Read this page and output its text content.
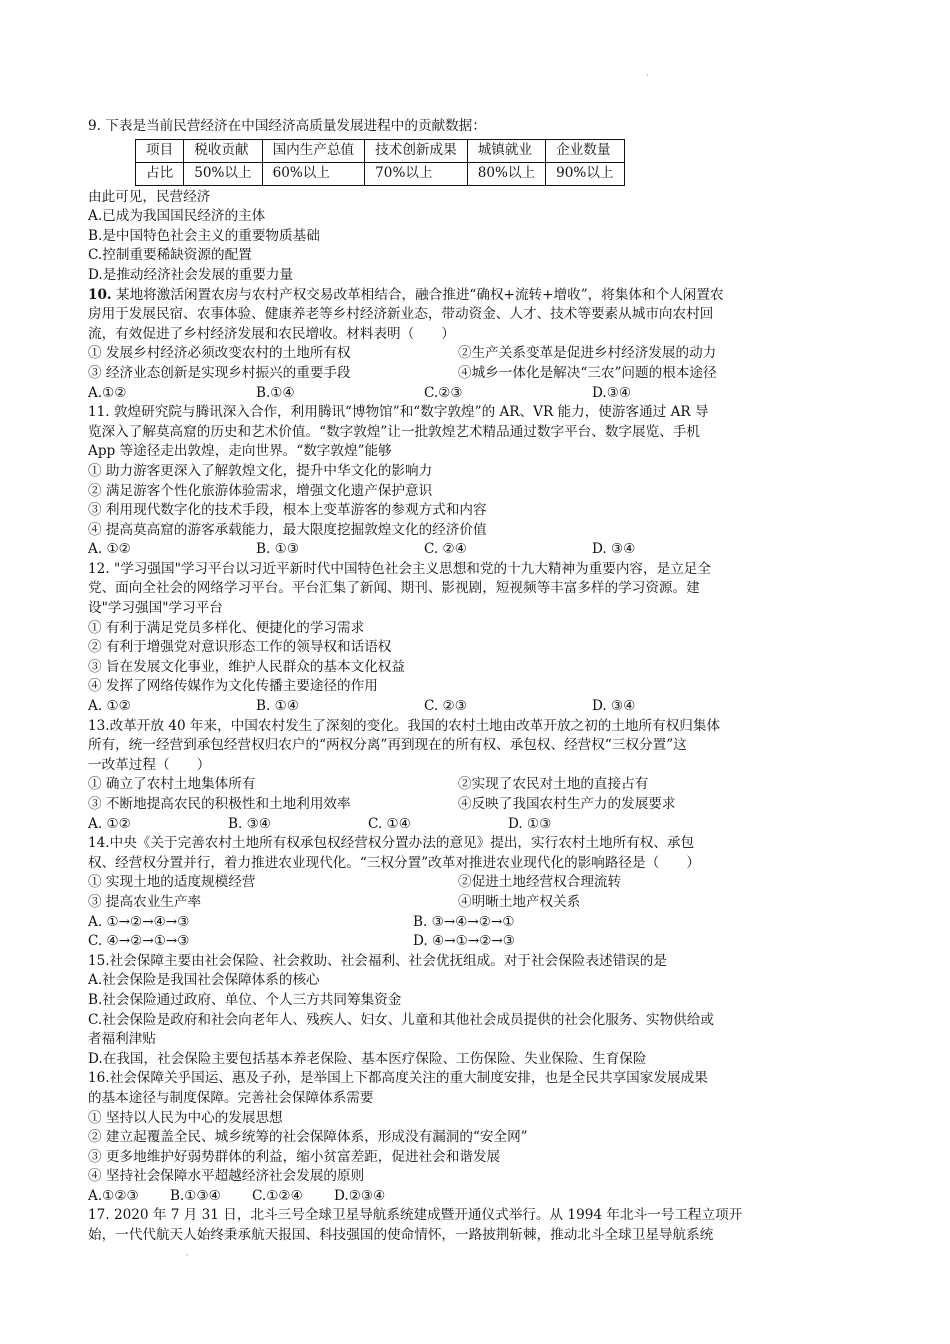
·
9. 下表是当前民营经济在中国经济高质量发展进程中的贡献数据：
项目	税收贡献	国内生产总值	技术创新成果	城镇就业	企业数量
占比	50%以上	60%以上	70%以上	80%以上	90%以上
由此可见，民营经济
A.已成为我国国民经济的主体
B.是中国特色社会主义的重要物质基础
C.控制重要稀缺资源的配置
D.是推动经济社会发展的重要力量
10. 某地将激活闲置农房与农村产权交易改革相结合，融合推进“确权+流转+增收”，将集体和个人闲置农
房用于发展民宿、农事体验、健康养老等乡村经济新业态，带动资金、人才、技术等要素从城市向农村回
流，有效促进了乡村经济发展和农民增收。材料表明（　　）
① 发展乡村经济必须改变农村的土地所有权	②生产关系变革是促进乡村经济发展的动力
③ 经济业态创新是实现乡村振兴的重要手段	④城乡一体化是解决“三农”问题的根本途径
A.①②	B.①④	C.②③	D.③④
11. 敦煌研究院与腾讯深入合作，利用腾讯“博物馆”和“数字敦煌”的 AR、VR 能力，使游客通过 AR 导
览深入了解莫高窟的历史和艺术价值。“数字敦煌”让一批敦煌艺术精品通过数字平台、数字展览、手机
App 等途径走出敦煌，走向世界。“数字敦煌”能够
① 助力游客更深入了解敦煌文化，提升中华文化的影响力
② 满足游客个性化旅游体验需求，增强文化遗产保护意识
③ 利用现代数字化的技术手段，根本上变革游客的参观方式和内容
④ 提高莫高窟的游客承载能力，最大限度挖掘敦煌文化的经济价值
A. ①②	B. ①③	C. ②④	D. ③④
12. "学习强国"学习平台以习近平新时代中国特色社会主义思想和党的十九大精神为重要内容，是立足全
党、面向全社会的网络学习平台。平台汇集了新闻、期刊、影视剧，短视频等丰富多样的学习资源。建
设"学习强国"学习平台
① 有利于满足党员多样化、便捷化的学习需求
② 有利于增强党对意识形态工作的领导权和话语权
③ 旨在发展文化事业，维护人民群众的基本文化权益
④ 发挥了网络传媒作为文化传播主要途径的作用
A. ①②	B. ①④	C. ②③	D. ③④
13.改革开放 40 年来，中国农村发生了深刻的变化。我国的农村土地由改革开放之初的土地所有权归集体
所有，统一经营到承包经营权归农户的“两权分离”再到现在的所有权、承包权、经营权“三权分置”这
一改革过程（　　）
① 确立了农村土地集体所有	②实现了农民对土地的直接占有
③ 不断地提高农民的积极性和土地利用效率	④反映了我国农村生产力的发展要求
A. ①②	B. ③④	C. ①④	D. ①③
14.中央《关于完善农村土地所有权承包权经营权分置办法的意见》提出，实行农村土地所有权、承包
权、经营权分置并行，着力推进农业现代化。“三权分置”改革对推进农业现代化的影响路径是（　　）
① 实现土地的适度规模经营	②促进土地经营权合理流转
③ 提高农业生产率	④明晰土地产权关系
A. ①→②→④→③	B. ③→④→②→①
C. ④→②→①→③	D. ④→①→②→③
15.社会保障主要由社会保险、社会救助、社会福利、社会优抚组成。对于社会保险表述错误的是
A.社会保险是我国社会保障体系的核心
B.社会保险通过政府、单位、个人三方共同筹集资金
C.社会保险是政府和社会向老年人、残疾人、妇女、儿童和其他社会成员提供的社会化服务、实物供给或
者福利津贴
D.在我国，社会保险主要包括基本养老保险、基本医疗保险、工伤保险、失业保险、生育保险
16.社会保障关乎国运、惠及子孙，是举国上下都高度关注的重大制度安排，也是全民共享国家发展成果
的基本途径与制度保障。完善社会保障体系需要
① 坚持以人民为中心的发展思想
② 建立起覆盖全民、城乡统筹的社会保障体系，形成没有漏洞的“安全网”
③ 更多地维护好弱势群体的利益，缩小贫富差距，促进社会和谐发展
④ 坚持社会保障水平超越经济社会发展的原则
A.①②③	B.①③④	C.①②④	D.②③④
17. 2020 年 7 月 31 日，北斗三号全球卫星导航系统建成暨开通仪式举行。从 1994 年北斗一号工程立项开
始，一代代航天人始终秉承航天报国、科技强国的使命情怀，一路披荆斩棘，推动北斗全球卫星导航系统
·
